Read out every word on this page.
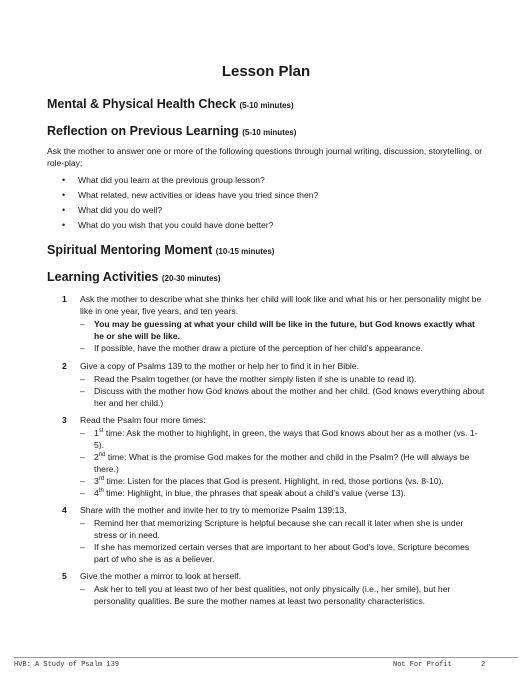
Lesson Plan
Mental & Physical Health Check (5-10 minutes)
Reflection on Previous Learning (5-10 minutes)
Ask the mother to answer one or more of the following questions through journal writing, discussion, storytelling, or role-play:
• What did you learn at the previous group lesson?
• What related, new activities or ideas have you tried since then?
• What did you do well?
• What do you wish that you could have done better?
Spiritual Mentoring Moment (10-15 minutes)
Learning Activities (20-30 minutes)
1 Ask the mother to describe what she thinks her child will look like and what his or her personality might be like in one year, five years, and ten years.
– You may be guessing at what your child will be like in the future, but God knows exactly what he or she will be like.
– If possible, have the mother draw a picture of the perception of her child's appearance.
2 Give a copy of Psalms 139 to the mother or help her to find it in her Bible.
– Read the Psalm together (or have the mother simply listen if she is unable to read it).
– Discuss with the mother how God knows about the mother and her child. (God knows everything about her and her child.)
3 Read the Psalm four more times:
– 1st time: Ask the mother to highlight, in green, the ways that God knows about her as a mother (vs. 1-5).
– 2nd time: What is the promise God makes for the mother and child in the Psalm? (He will always be there.)
– 3rd time: Listen for the places that God is present. Highlight, in red, those portions (vs. 8-10).
– 4th time: Highlight, in blue, the phrases that speak about a child's value (verse 13).
4 Share with the mother and invite her to try to memorize Psalm 139:13.
– Remind her that memorizing Scripture is helpful because she can recall it later when she is under stress or in need.
– If she has memorized certain verses that are important to her about God's love, Scripture becomes part of who she is as a believer.
5 Give the mother a mirror to look at herself.
– Ask her to tell you at least two of her best qualities, not only physically (i.e., her smile), but her personality qualities. Be sure the mother names at least two personality characteristics.
HVB: A Study of Psalm 139	Not For Profit	2
